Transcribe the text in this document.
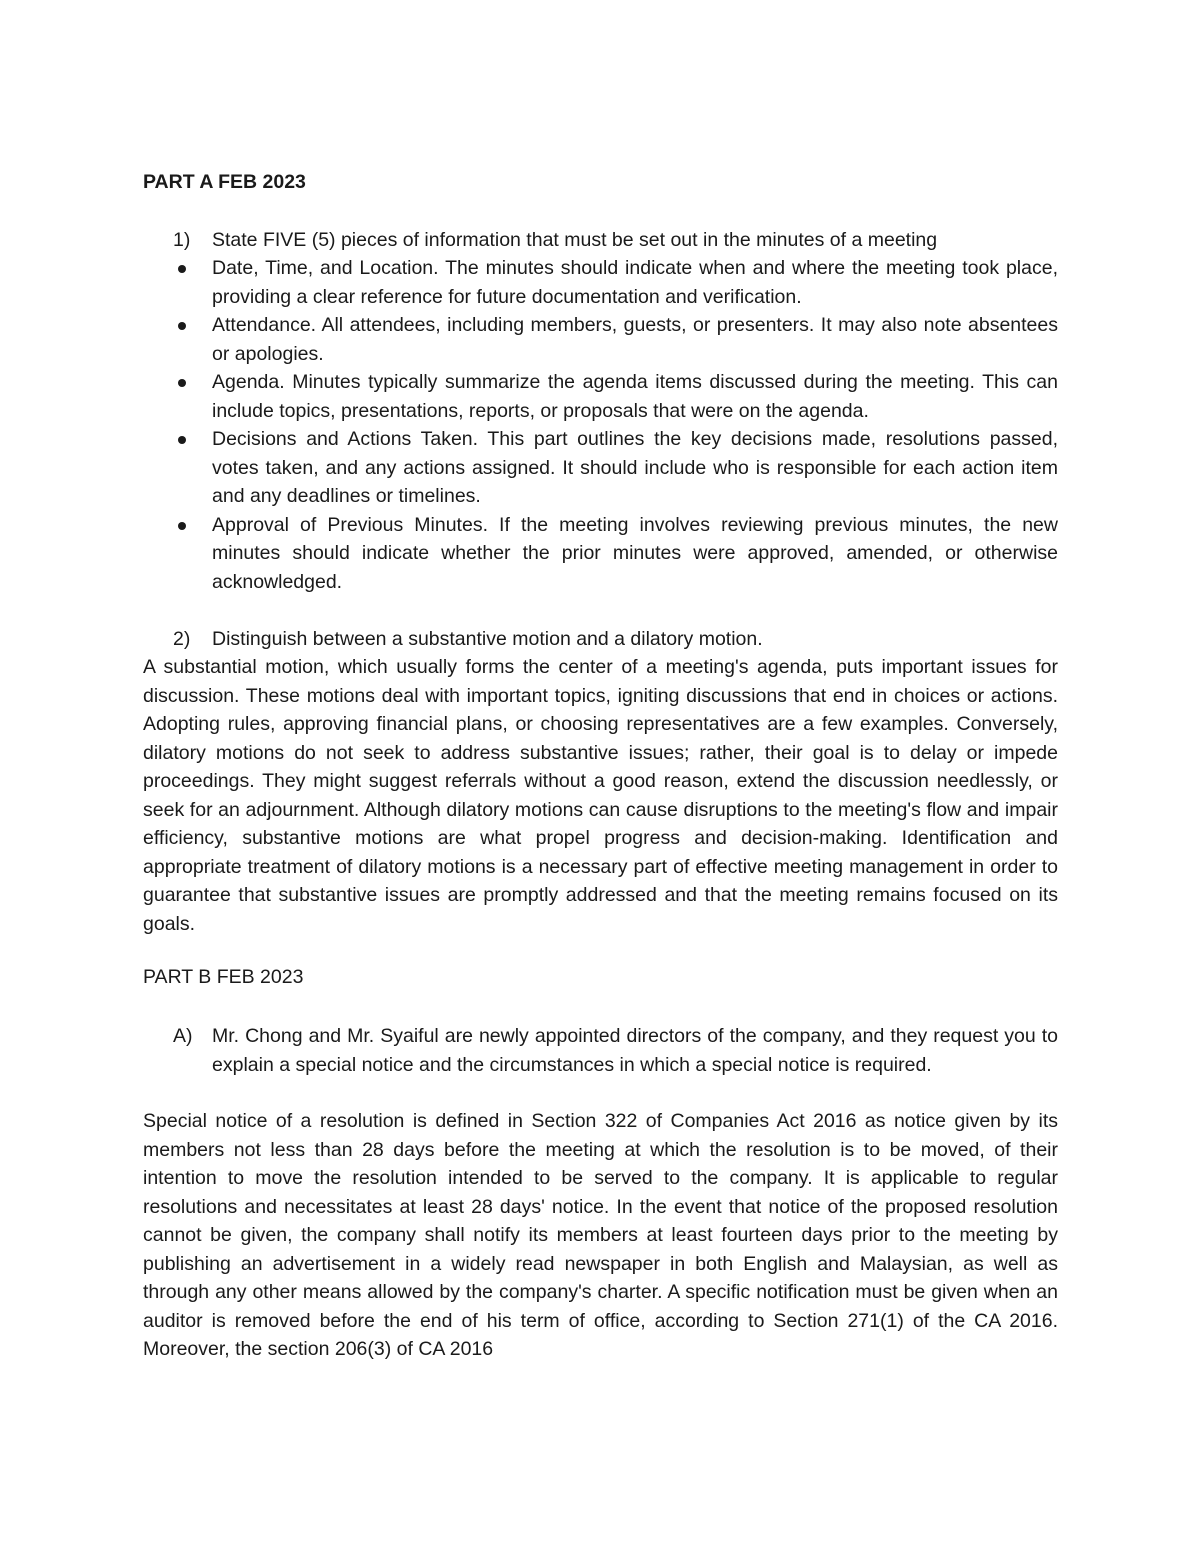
PART A FEB 2023
1) State FIVE (5) pieces of information that must be set out in the minutes of a meeting
Date, Time, and Location. The minutes should indicate when and where the meeting took place, providing a clear reference for future documentation and verification.
Attendance. All attendees, including members, guests, or presenters. It may also note absentees or apologies.
Agenda. Minutes typically summarize the agenda items discussed during the meeting. This can include topics, presentations, reports, or proposals that were on the agenda.
Decisions and Actions Taken. This part outlines the key decisions made, resolutions passed, votes taken, and any actions assigned. It should include who is responsible for each action item and any deadlines or timelines.
Approval of Previous Minutes. If the meeting involves reviewing previous minutes, the new minutes should indicate whether the prior minutes were approved, amended, or otherwise acknowledged.
2) Distinguish between a substantive motion and a dilatory motion.
A substantial motion, which usually forms the center of a meeting's agenda, puts important issues for discussion. These motions deal with important topics, igniting discussions that end in choices or actions. Adopting rules, approving financial plans, or choosing representatives are a few examples. Conversely, dilatory motions do not seek to address substantive issues; rather, their goal is to delay or impede proceedings. They might suggest referrals without a good reason, extend the discussion needlessly, or seek for an adjournment. Although dilatory motions can cause disruptions to the meeting's flow and impair efficiency, substantive motions are what propel progress and decision-making. Identification and appropriate treatment of dilatory motions is a necessary part of effective meeting management in order to guarantee that substantive issues are promptly addressed and that the meeting remains focused on its goals.
PART B FEB 2023
A) Mr. Chong and Mr. Syaiful are newly appointed directors of the company, and they request you to explain a special notice and the circumstances in which a special notice is required.
Special notice of a resolution is defined in Section 322 of Companies Act 2016 as notice given by its members not less than 28 days before the meeting at which the resolution is to be moved, of their intention to move the resolution intended to be served to the company. It is applicable to regular resolutions and necessitates at least 28 days' notice. In the event that notice of the proposed resolution cannot be given, the company shall notify its members at least fourteen days prior to the meeting by publishing an advertisement in a widely read newspaper in both English and Malaysian, as well as through any other means allowed by the company's charter. A specific notification must be given when an auditor is removed before the end of his term of office, according to Section 271(1) of the CA 2016. Moreover, the section 206(3) of CA 2016
